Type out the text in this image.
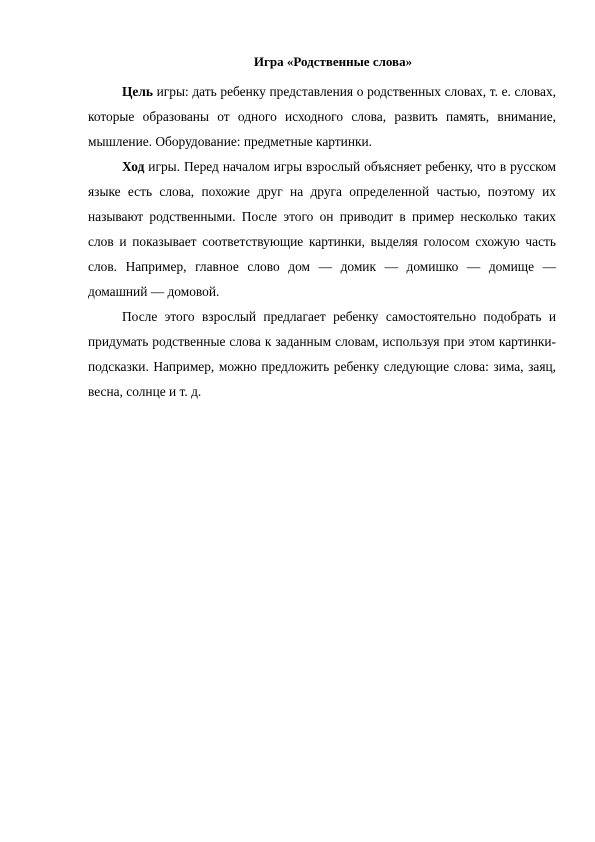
Игра «Родственные слова»

Цель игры: дать ребенку представления о родственных словах, т. е. словах, которые образованы от одного исходного слова, развить память, внимание, мышление. Оборудование: предметные картинки.

Ход игры. Перед началом игры взрослый объясняет ребенку, что в русском языке есть слова, похожие друг на друга определенной частью, поэтому их называют родственными. После этого он приводит в пример несколько таких слов и показывает соответствующие картинки, выделяя голосом схожую часть слов. Например, главное слово дом — домик — домишко — домище — домашний — домовой.

После этого взрослый предлагает ребенку самостоятельно подобрать и придумать родственные слова к заданным словам, используя при этом картинки-подсказки. Например, можно предложить ребенку следующие слова: зима, заяц, весна, солнце и т. д.
